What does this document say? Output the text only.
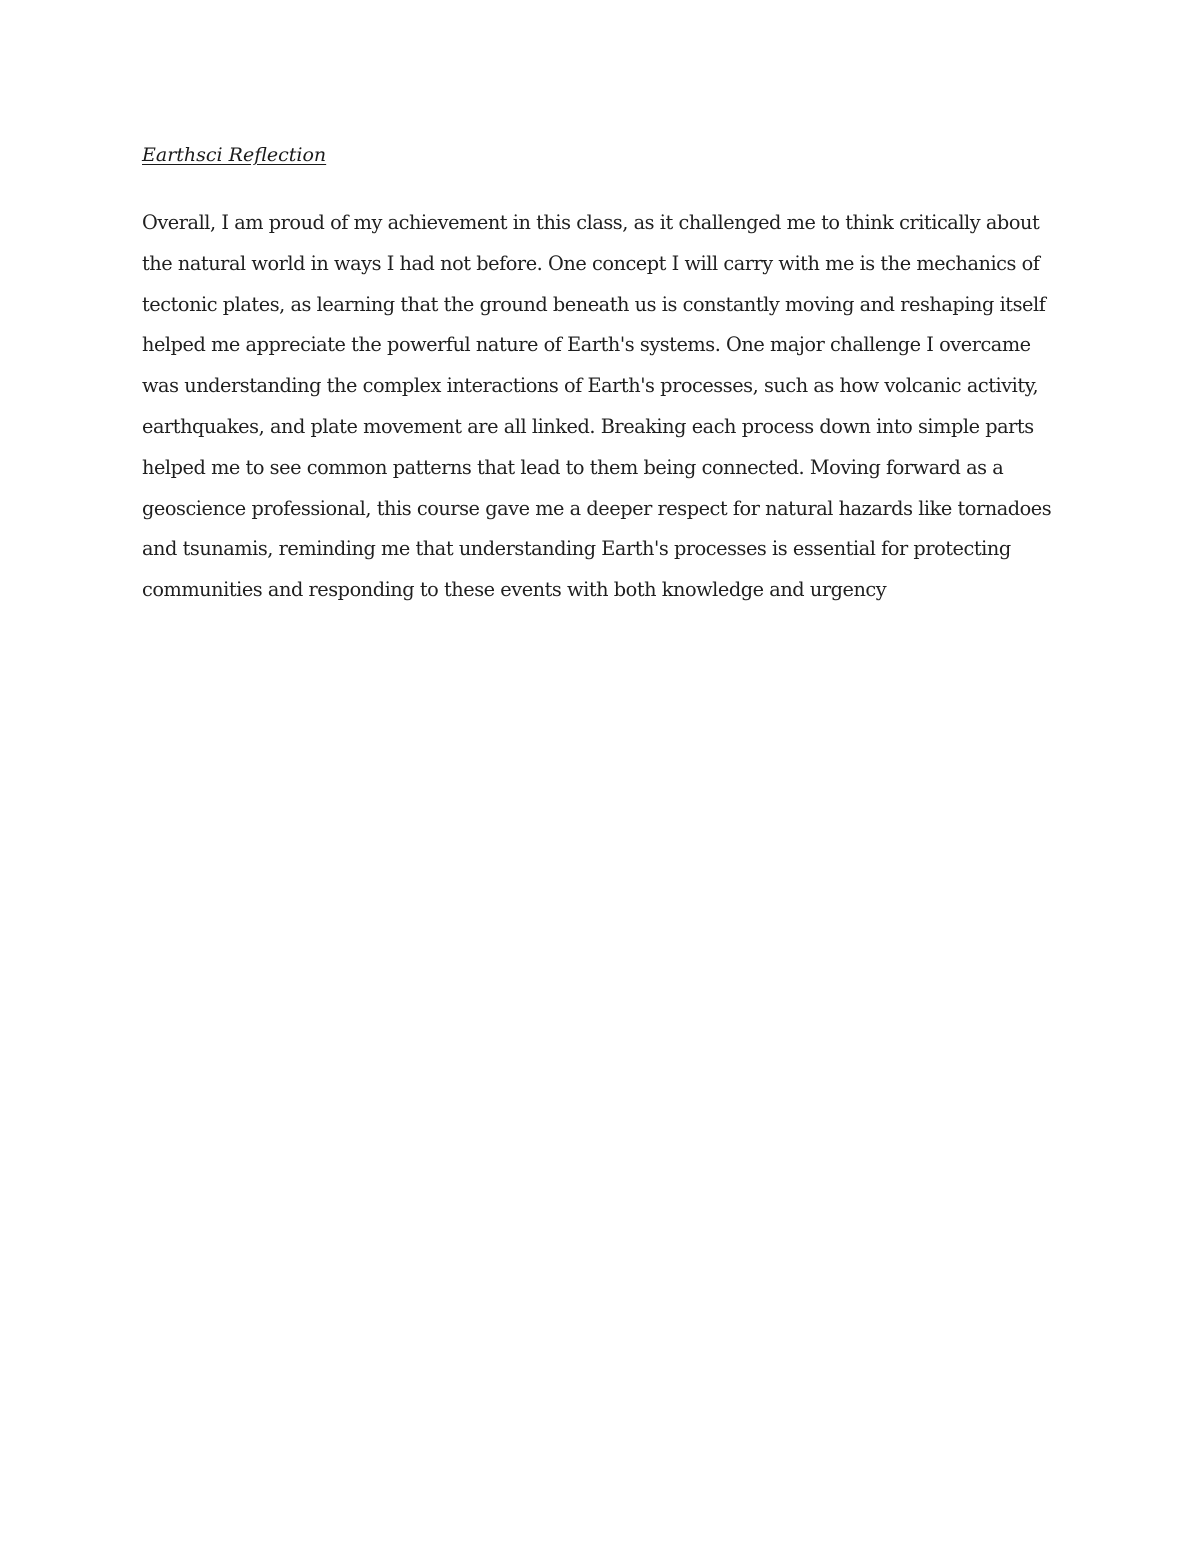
Earthsci Reflection
Overall, I am proud of my achievement in this class, as it challenged me to think critically about
the natural world in ways I had not before. One concept I will carry with me is the mechanics of
tectonic plates, as learning that the ground beneath us is constantly moving and reshaping itself
helped me appreciate the powerful nature of Earth's systems. One major challenge I overcame
was understanding the complex interactions of Earth's processes, such as how volcanic activity,
earthquakes, and plate movement are all linked. Breaking each process down into simple parts
helped me to see common patterns that lead to them being connected. Moving forward as a
geoscience professional, this course gave me a deeper respect for natural hazards like tornadoes
and tsunamis, reminding me that understanding Earth's processes is essential for protecting
communities and responding to these events with both knowledge and urgency
